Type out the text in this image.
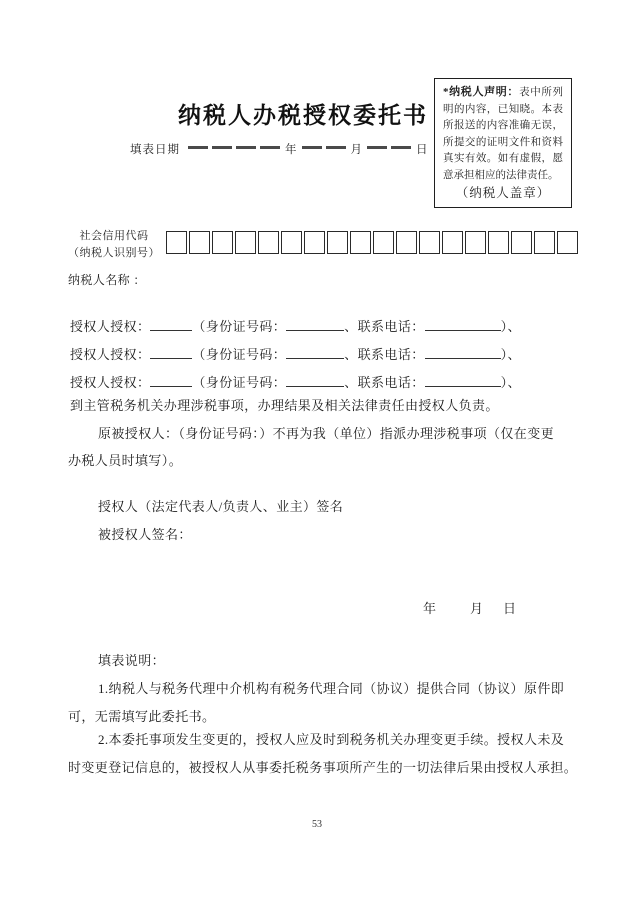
纳税人办税授权委托书
填表日期	年	月	日
*纳税人声明：表中所列明的内容，已知晓。本表所报送的内容准确无误，所提交的证明文件和资料真实有效。如有虚假，愿意承担相应的法律责任。
（纳税人盖章）
社会信用代码
（纳税人识别号）
纳税人名称 ：
授权人授权：	（身份证号码：	、联系电话：	）、
授权人授权：	（身份证号码：	、联系电话：	）、
授权人授权：	（身份证号码：	、联系电话：	）、
到主管税务机关办理涉税事项，办理结果及相关法律责任由授权人负责。
原被授权人：（身份证号码：）不再为我（单位）指派办理涉税事项（仅在变更
办税人员时填写）。
授权人（法定代表人/负责人、业主）签名
被授权人签名：
年	月 日
填表说明：
1.纳税人与税务代理中介机构有税务代理合同（协议）提供合同（协议）原件即
可，无需填写此委托书。
2.本委托事项发生变更的，授权人应及时到税务机关办理变更手续。授权人未及
时变更登记信息的，被授权人从事委托税务事项所产生的一切法律后果由授权人承担。
53
